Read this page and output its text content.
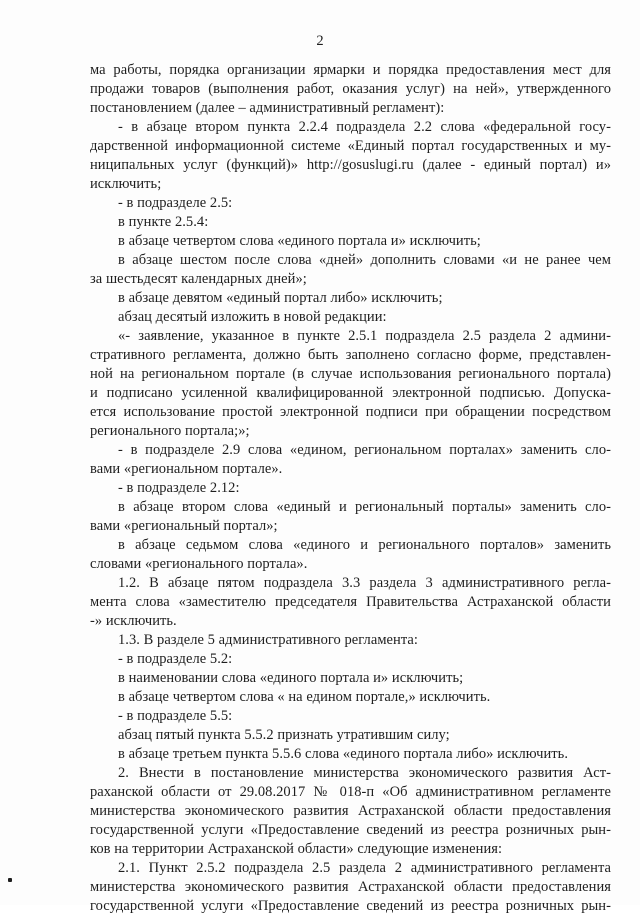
2
ма работы, порядка организации ярмарки и порядка предоставления мест для
продажи товаров (выполнения работ, оказания услуг) на ней», утвержденного
постановлением (далее – административный регламент):
- в абзаце втором пункта 2.2.4 подраздела 2.2 слова «федеральной госу-
дарственной информационной системе «Единый портал государственных и му-
ниципальных услуг (функций)» http://gosuslugi.ru (далее - единый портал) и»
исключить;
- в подразделе 2.5:
в пункте 2.5.4:
в абзаце четвертом слова «единого портала и» исключить;
в абзаце шестом после слова «дней» дополнить словами «и не ранее чем
за шестьдесят календарных дней»;
в абзаце девятом «единый портал либо» исключить;
абзац десятый изложить в новой редакции:
«- заявление, указанное в пункте 2.5.1 подраздела 2.5 раздела 2 админи-
стративного регламента, должно быть заполнено согласно форме, представлен-
ной на региональном портале (в случае использования регионального портала)
и подписано усиленной квалифицированной электронной подписью. Допуска-
ется использование простой электронной подписи при обращении посредством
регионального портала;»;
- в подразделе 2.9 слова «едином, региональном порталах» заменить сло-
вами «региональном портале».
- в подразделе 2.12:
в абзаце втором слова «единый и региональный порталы» заменить сло-
вами «региональный портал»;
в абзаце седьмом слова «единого и регионального порталов» заменить
словами «регионального портала».
1.2. В абзаце пятом подраздела 3.3 раздела 3 административного регла-
мента слова «заместителю председателя Правительства Астраханской области
-» исключить.
1.3. В разделе 5 административного регламента:
- в подразделе 5.2:
в наименовании слова «единого портала и» исключить;
в абзаце четвертом слова « на едином портале,» исключить.
- в подразделе 5.5:
абзац пятый пункта 5.5.2 признать утратившим силу;
в абзаце третьем пункта 5.5.6 слова «единого портала либо» исключить.
2. Внести в постановление министерства экономического развития Аст-
раханской области от 29.08.2017 № 018-п «Об административном регламенте
министерства экономического развития Астраханской области предоставления
государственной услуги «Предоставление сведений из реестра розничных рын-
ков на территории Астраханской области» следующие изменения:
2.1. Пункт 2.5.2 подраздела 2.5 раздела 2 административного регламента
министерства экономического развития Астраханской области предоставления
государственной услуги «Предоставление сведений из реестра розничных рын-
